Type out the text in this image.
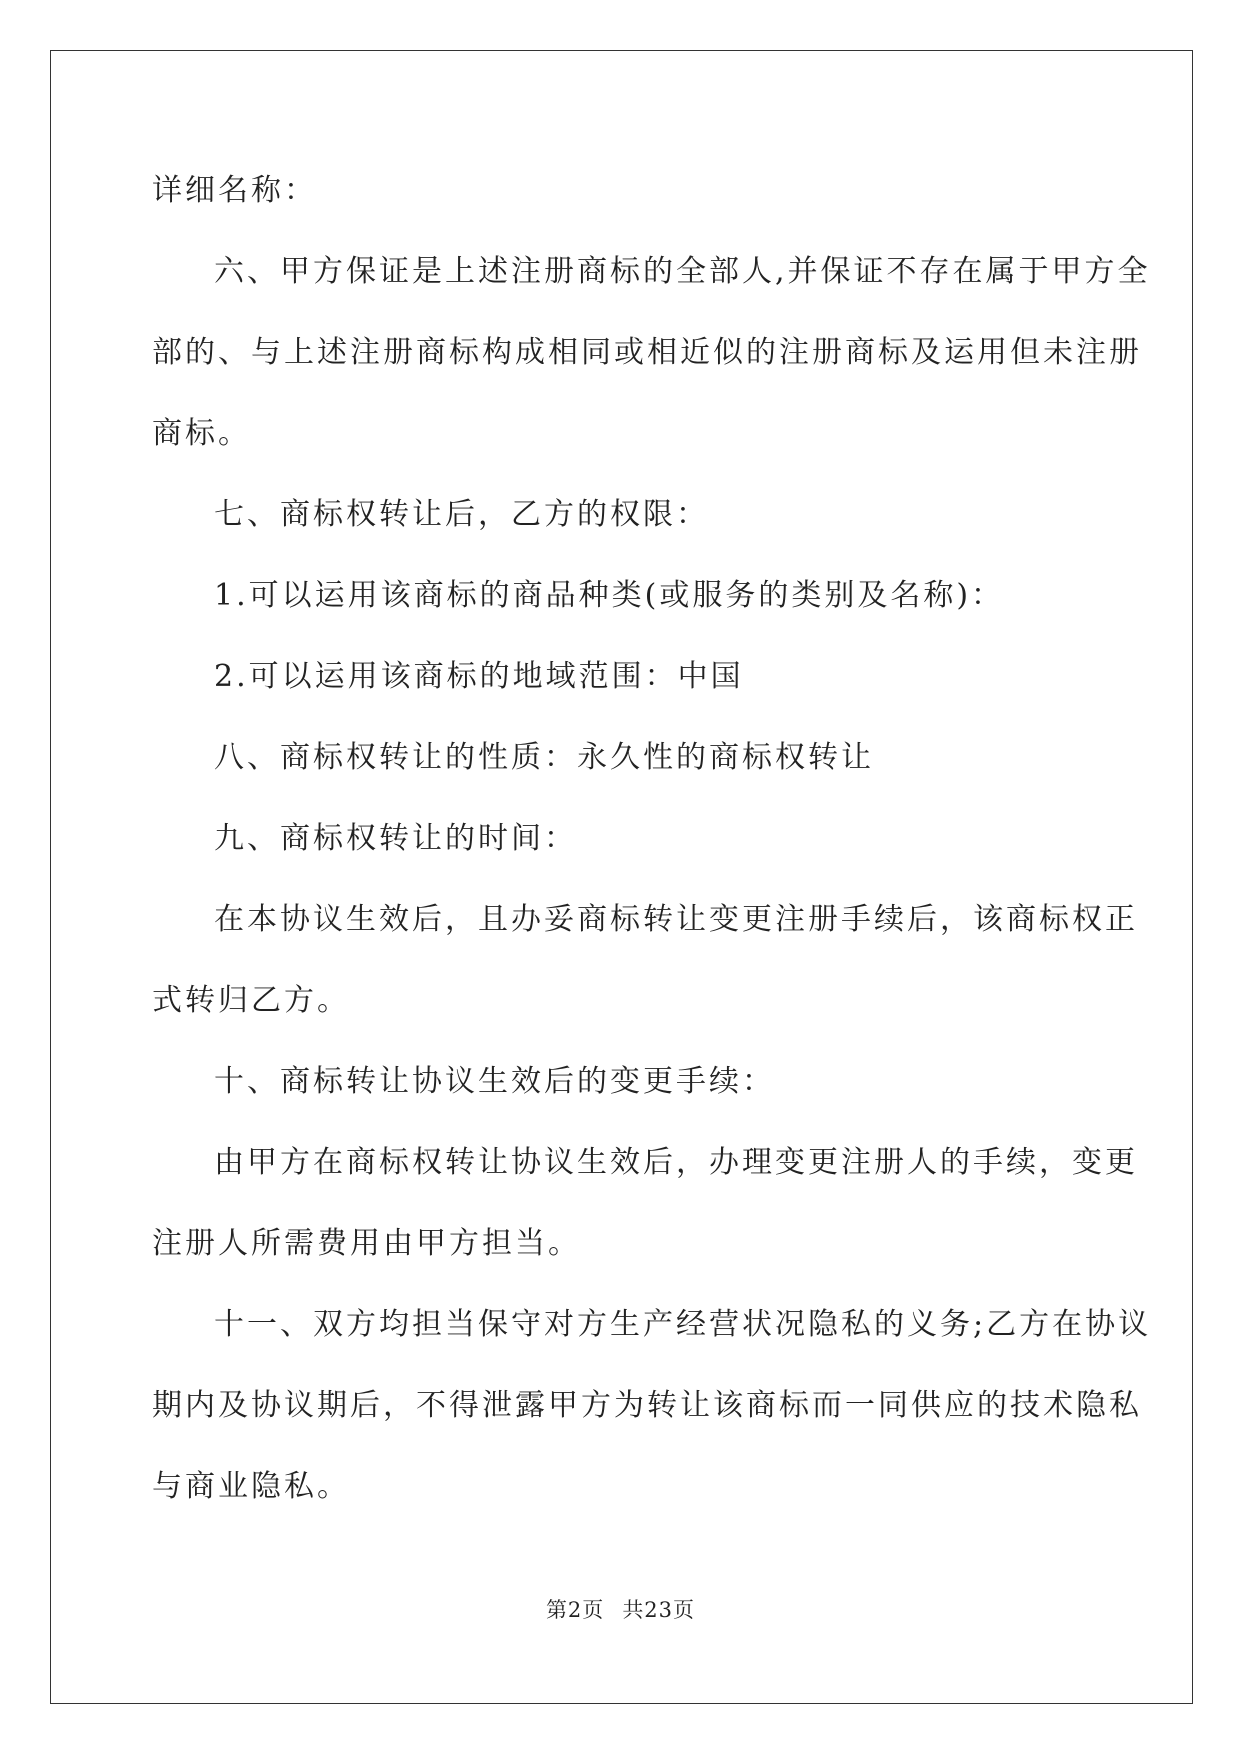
详细名称：
六、甲方保证是上述注册商标的全部人,并保证不存在属于甲方全
部的、与上述注册商标构成相同或相近似的注册商标及运用但未注册
商标。
七、商标权转让后，乙方的权限：
1.可以运用该商标的商品种类(或服务的类别及名称)：
2.可以运用该商标的地域范围：中国
八、商标权转让的性质：永久性的商标权转让
九、商标权转让的时间：
在本协议生效后，且办妥商标转让变更注册手续后，该商标权正
式转归乙方。
十、商标转让协议生效后的变更手续：
由甲方在商标权转让协议生效后，办理变更注册人的手续，变更
注册人所需费用由甲方担当。
十一、双方均担当保守对方生产经营状况隐私的义务;乙方在协议
期内及协议期后，不得泄露甲方为转让该商标而一同供应的技术隐私
与商业隐私。
第2页 共23页
